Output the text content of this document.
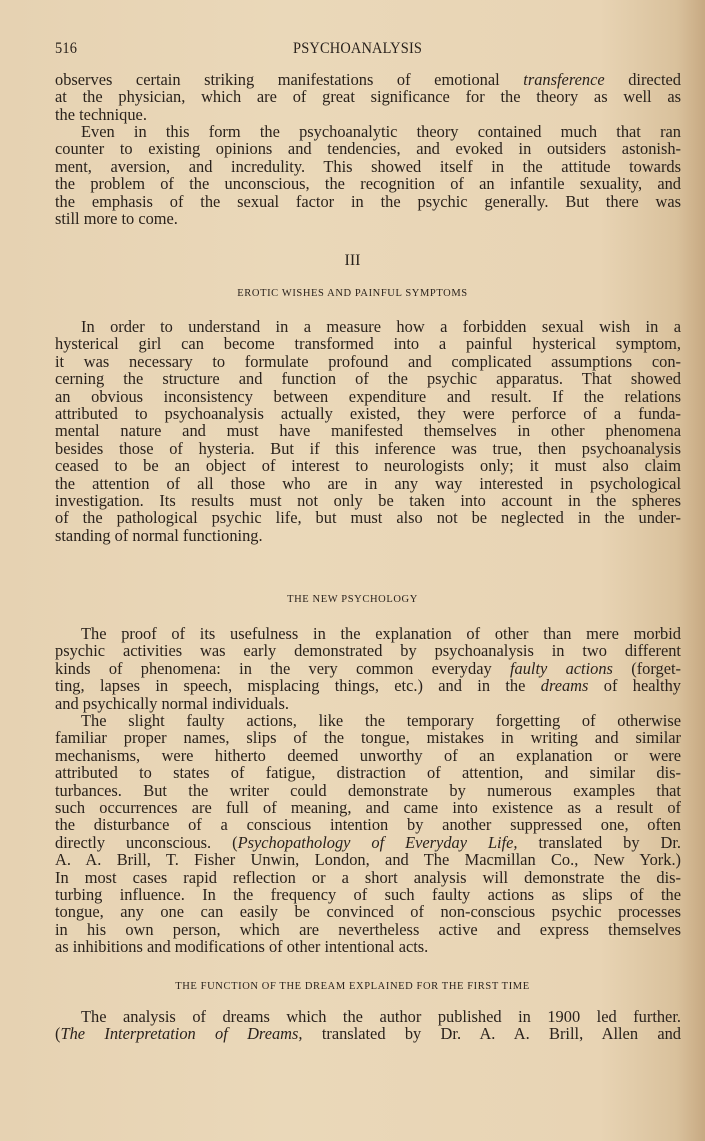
516	PSYCHOANALYSIS
observes certain striking manifestations of emotional transference directed
at the physician, which are of great significance for the theory as well as
the technique.
Even in this form the psychoanalytic theory contained much that ran
counter to existing opinions and tendencies, and evoked in outsiders astonish-
ment, aversion, and incredulity. This showed itself in the attitude towards
the problem of the unconscious, the recognition of an infantile sexuality, and
the emphasis of the sexual factor in the psychic generally. But there was
still more to come.
III
EROTIC WISHES AND PAINFUL SYMPTOMS
In order to understand in a measure how a forbidden sexual wish in a
hysterical girl can become transformed into a painful hysterical symptom,
it was necessary to formulate profound and complicated assumptions con-
cerning the structure and function of the psychic apparatus. That showed
an obvious inconsistency between expenditure and result. If the relations
attributed to psychoanalysis actually existed, they were perforce of a funda-
mental nature and must have manifested themselves in other phenomena
besides those of hysteria. But if this inference was true, then psychoanalysis
ceased to be an object of interest to neurologists only; it must also claim
the attention of all those who are in any way interested in psychological
investigation. Its results must not only be taken into account in the spheres
of the pathological psychic life, but must also not be neglected in the under-
standing of normal functioning.
THE NEW PSYCHOLOGY
The proof of its usefulness in the explanation of other than mere morbid
psychic activities was early demonstrated by psychoanalysis in two different
kinds of phenomena: in the very common everyday faulty actions (forget-
ting, lapses in speech, misplacing things, etc.) and in the dreams of healthy
and psychically normal individuals.
The slight faulty actions, like the temporary forgetting of otherwise
familiar proper names, slips of the tongue, mistakes in writing and similar
mechanisms, were hitherto deemed unworthy of an explanation or were
attributed to states of fatigue, distraction of attention, and similar dis-
turbances. But the writer could demonstrate by numerous examples that
such occurrences are full of meaning, and came into existence as a result of
the disturbance of a conscious intention by another suppressed one, often
directly unconscious. (Psychopathology of Everyday Life, translated by Dr.
A. A. Brill, T. Fisher Unwin, London, and The Macmillan Co., New York.)
In most cases rapid reflection or a short analysis will demonstrate the dis-
turbing influence. In the frequency of such faulty actions as slips of the
tongue, any one can easily be convinced of non-conscious psychic processes
in his own person, which are nevertheless active and express themselves
as inhibitions and modifications of other intentional acts.
THE FUNCTION OF THE DREAM EXPLAINED FOR THE FIRST TIME
The analysis of dreams which the author published in 1900 led further.
(The Interpretation of Dreams, translated by Dr. A. A. Brill, Allen and
